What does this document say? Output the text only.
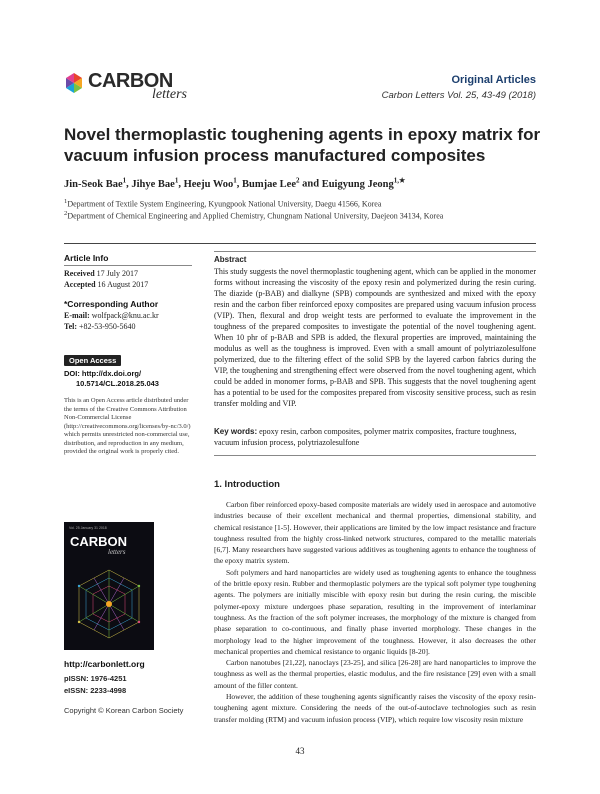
CARBON
letters
Original Articles
Carbon Letters Vol. 25, 43-49 (2018)
Novel thermoplastic toughening agents in epoxy matrix for vacuum infusion process manufactured composites
Jin-Seok Bae$^1$, Jihye Bae$^1$, Heeju Woo$^1$, Bumjae Lee$^2$ and Euigyung Jeong$^{1,★}$
$^1$Department of Textile System Engineering, Kyungpook National University, Daegu 41566, Korea
$^2$Department of Chemical Engineering and Applied Chemistry, Chungnam National University, Daejeon 34134, Korea
Article Info
Received 17 July 2017
Accepted 16 August 2017
*Corresponding Author
E-mail: wolfpack@knu.ac.kr
Tel: +82-53-950-5640
Open Access
DOI: http://dx.doi.org/
10.5714/CL.2018.25.043
This is an Open Access article distributed under the terms of the Creative Commons Attribution Non-Commercial License (http://creativecommons.org/licenses/by-nc/3.0/) which permits unrestricted non-commercial use, distribution, and reproduction in any medium, provided the original work is properly cited.
Vol. 25 January 31 2018
CARBON
letters
http://carbonlett.org
pISSN: 1976-4251
eISSN: 2233-4998
Copyright © Korean Carbon Society
Abstract
This study suggests the novel thermoplastic toughening agent, which can be applied in the monomer forms without increasing the viscosity of the epoxy resin and polymerized during the resin curing. The diazide (p-BAB) and dialkyne (SPB) compounds are synthesized and mixed with the epoxy resin and the carbon fiber reinforced epoxy composites are prepared using vacuum infusion process (VIP). Then, flexural and drop weight tests are performed to evaluate the improvement in the toughness of the prepared composites to investigate the potential of the novel toughening agent. When 10 phr of p-BAB and SPB is added, the flexural properties are improved, maintaining the modulus as well as the toughness is improved. Even with a small amount of polytriazolesulfone polymerized, due to the filtering effect of the solid SPB by the layered carbon fabrics during the VIP, the toughening and strengthening effect were observed from the novel toughening agent, which could be added in monomer forms, p-BAB and SPB. This suggests that the novel toughening agent has a potential to be used for the composites prepared from viscosity sensitive process, such as resin transfer molding and VIP.
Key words: epoxy resin, carbon composites, polymer matrix composites, fracture toughness, vacuum infusion process, polytriazolesulfone
1. Introduction

Carbon fiber reinforced epoxy-based composite materials are widely used in aerospace and automotive industries because of their excellent mechanical and thermal properties, dimensional stability, and chemical resistance [1-5]. However, their applications are limited by the low impact resistance and fracture toughness resulted from the highly cross-linked network structures, compared to the metallic materials [6,7]. Many researchers have suggested various additives as toughening agents to enhance the toughness of the epoxy matrix system.

Soft polymers and hard nanoparticles are widely used as toughening agents to enhance the toughness of the brittle epoxy resin. Rubber and thermoplastic polymers are the typical soft polymer type toughening agents. The polymers are initially miscible with epoxy resin but during the resin curing, the miscible polymer-epoxy mixture undergoes phase separation, resulting in the improvement of interlaminar toughness. As the fraction of the soft polymer increases, the morphology of the mixture is changed from phase separation to co-continuous, and finally phase inverted morphology. These changes in the morphology lead to the higher improvement of the toughness. However, it also decreases the other mechanical properties and chemical resistance to organic liquids [8-20].

Carbon nanotubes [21,22], nanoclays [23-25], and silica [26-28] are hard nanoparticles to improve the toughness as well as the thermal properties, elastic modulus, and the fire resistance [29] even with a small amount of the filler content.

However, the addition of these toughening agents significantly raises the viscosity of the epoxy resin-toughening agent mixture. Considering the needs of the out-of-autoclave technologies such as resin transfer molding (RTM) and vacuum infusion process (VIP), which require low viscosity resin mixture

43
